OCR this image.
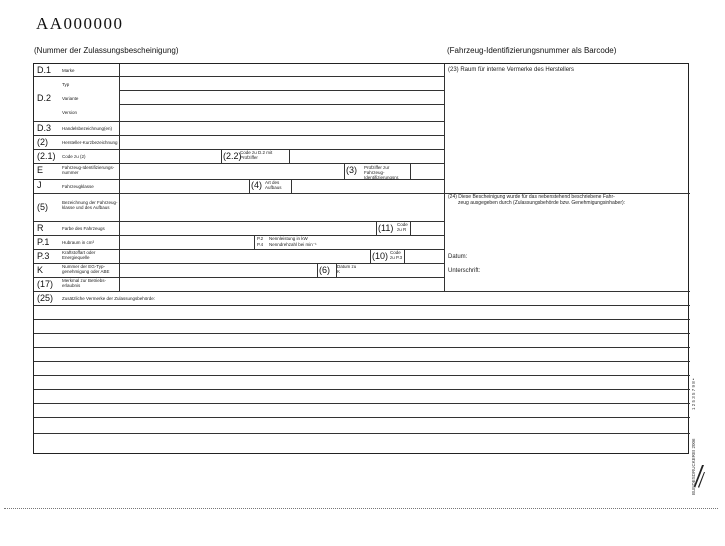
AA000000
(Nummer der Zulassungsbescheinigung)	(Fahrzeug-Identifizierungsnummer als Barcode)
D.1
D.2
D.3
(2)
(2.1)
E
J
(5)
R
P.1
P.3
K
(17)
(25)
(2.2)
(3)
(4)
(11)
(10)
(6)
Marke
Typ
Variante
Version
Handelsbezeichnung(en)
Hersteller-Kurzbezeichnung
Code zu (2)
Code zu D.2 mit Prüfziffer
Fahrzeug-Identifizierungs-nummer
Prüfziffer zur Fahrzeug-Identifizierungsnr.
Fahrzeugklasse
Art des Aufbaus
Bezeichnung der Fahrzeug-klasse und des Aufbaus
Farbe des Fahrzeugs
Code zu R
Hubraum in cm³
P.2
P.4
Nennleistung in kW
Nenndrehzahl bei min⁻¹
Kraftstoffart oder Energiequelle
Code zu P.3
Nummer der EG-Typ-genehmigung oder ABE
Datum zu K
Merkmal zur Betriebs-erlaubnis
Zusätzliche Vermerke der Zulassungsbehörde:
(23) Raum für interne Vermerke des Herstellers
(24) Diese Bescheinigung wurde für das nebenstehend beschriebene Fahr-
zeug ausgegeben durch (Zulassungsbehörde bzw. Genehmigungsinhaber):
Datum:
Unterschrift:
1 2 5 3 5 7 9 8 •
BUNDESDRUCKEREI 2006
